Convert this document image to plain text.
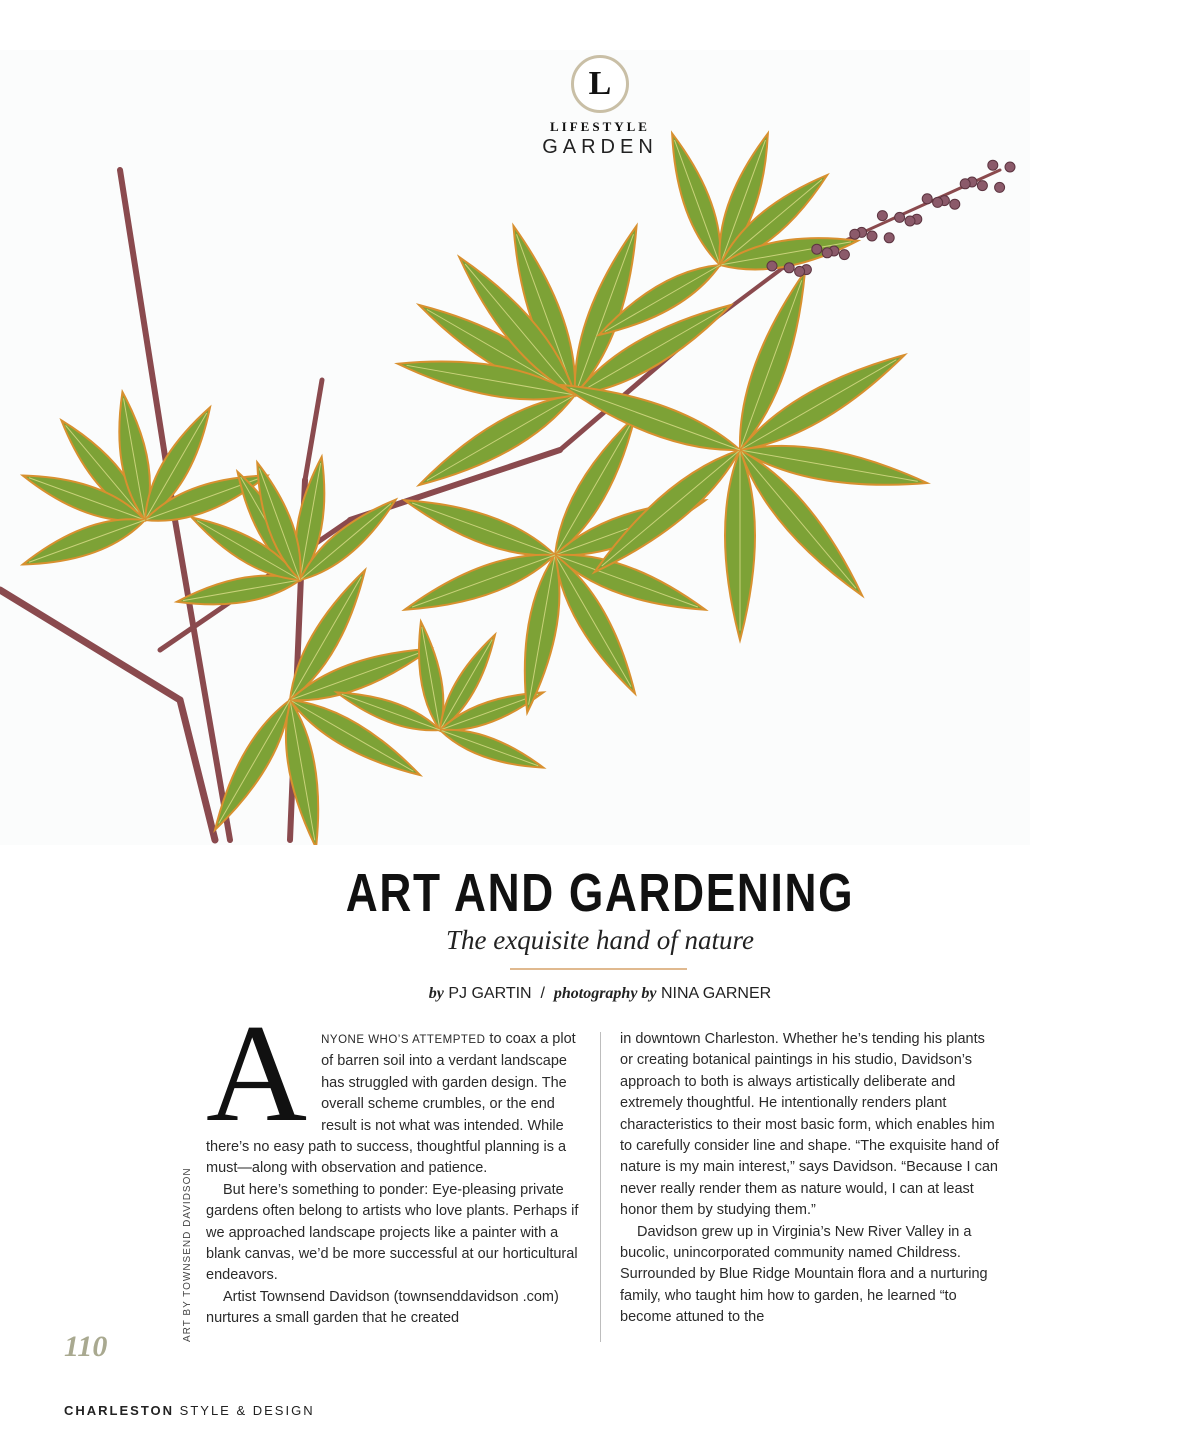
L
LIFESTYLE
GARDEN
ART AND GARDENING
The exquisite hand of nature
by PJ GARTIN / photography by NINA GARNER
ART BY TOWNSEND DAVIDSON

A NYONE WHO’S ATTEMPTED to coax a plot of barren soil into a verdant landscape has struggled with garden design. The overall scheme crumbles, or the end result is not what was intended. While there’s no easy path to success, thoughtful planning is a must—along with observation and patience.

But here’s something to ponder: Eye-pleasing private gardens often belong to artists who love plants. Perhaps if we approached landscape projects like a painter with a blank canvas, we’d be more successful at our horticultural endeavors.

Artist Townsend Davidson (townsenddavidson .com) nurtures a small garden that he created

in downtown Charleston. Whether he’s tending his plants or creating botanical paintings in his studio, Davidson’s approach to both is always artistically deliberate and extremely thoughtful. He intentionally renders plant characteristics to their most basic form, which enables him to carefully consider line and shape. “The exquisite hand of nature is my main interest,” says Davidson. “Because I can never really render them as nature would, I can at least honor them by studying them.”

Davidson grew up in Virginia’s New River Valley in a bucolic, unincorporated community named Childress. Surrounded by Blue Ridge Mountain flora and a nurturing family, who taught him how to garden, he learned “to become attuned to the

110
CHARLESTON STYLE & DESIGN
